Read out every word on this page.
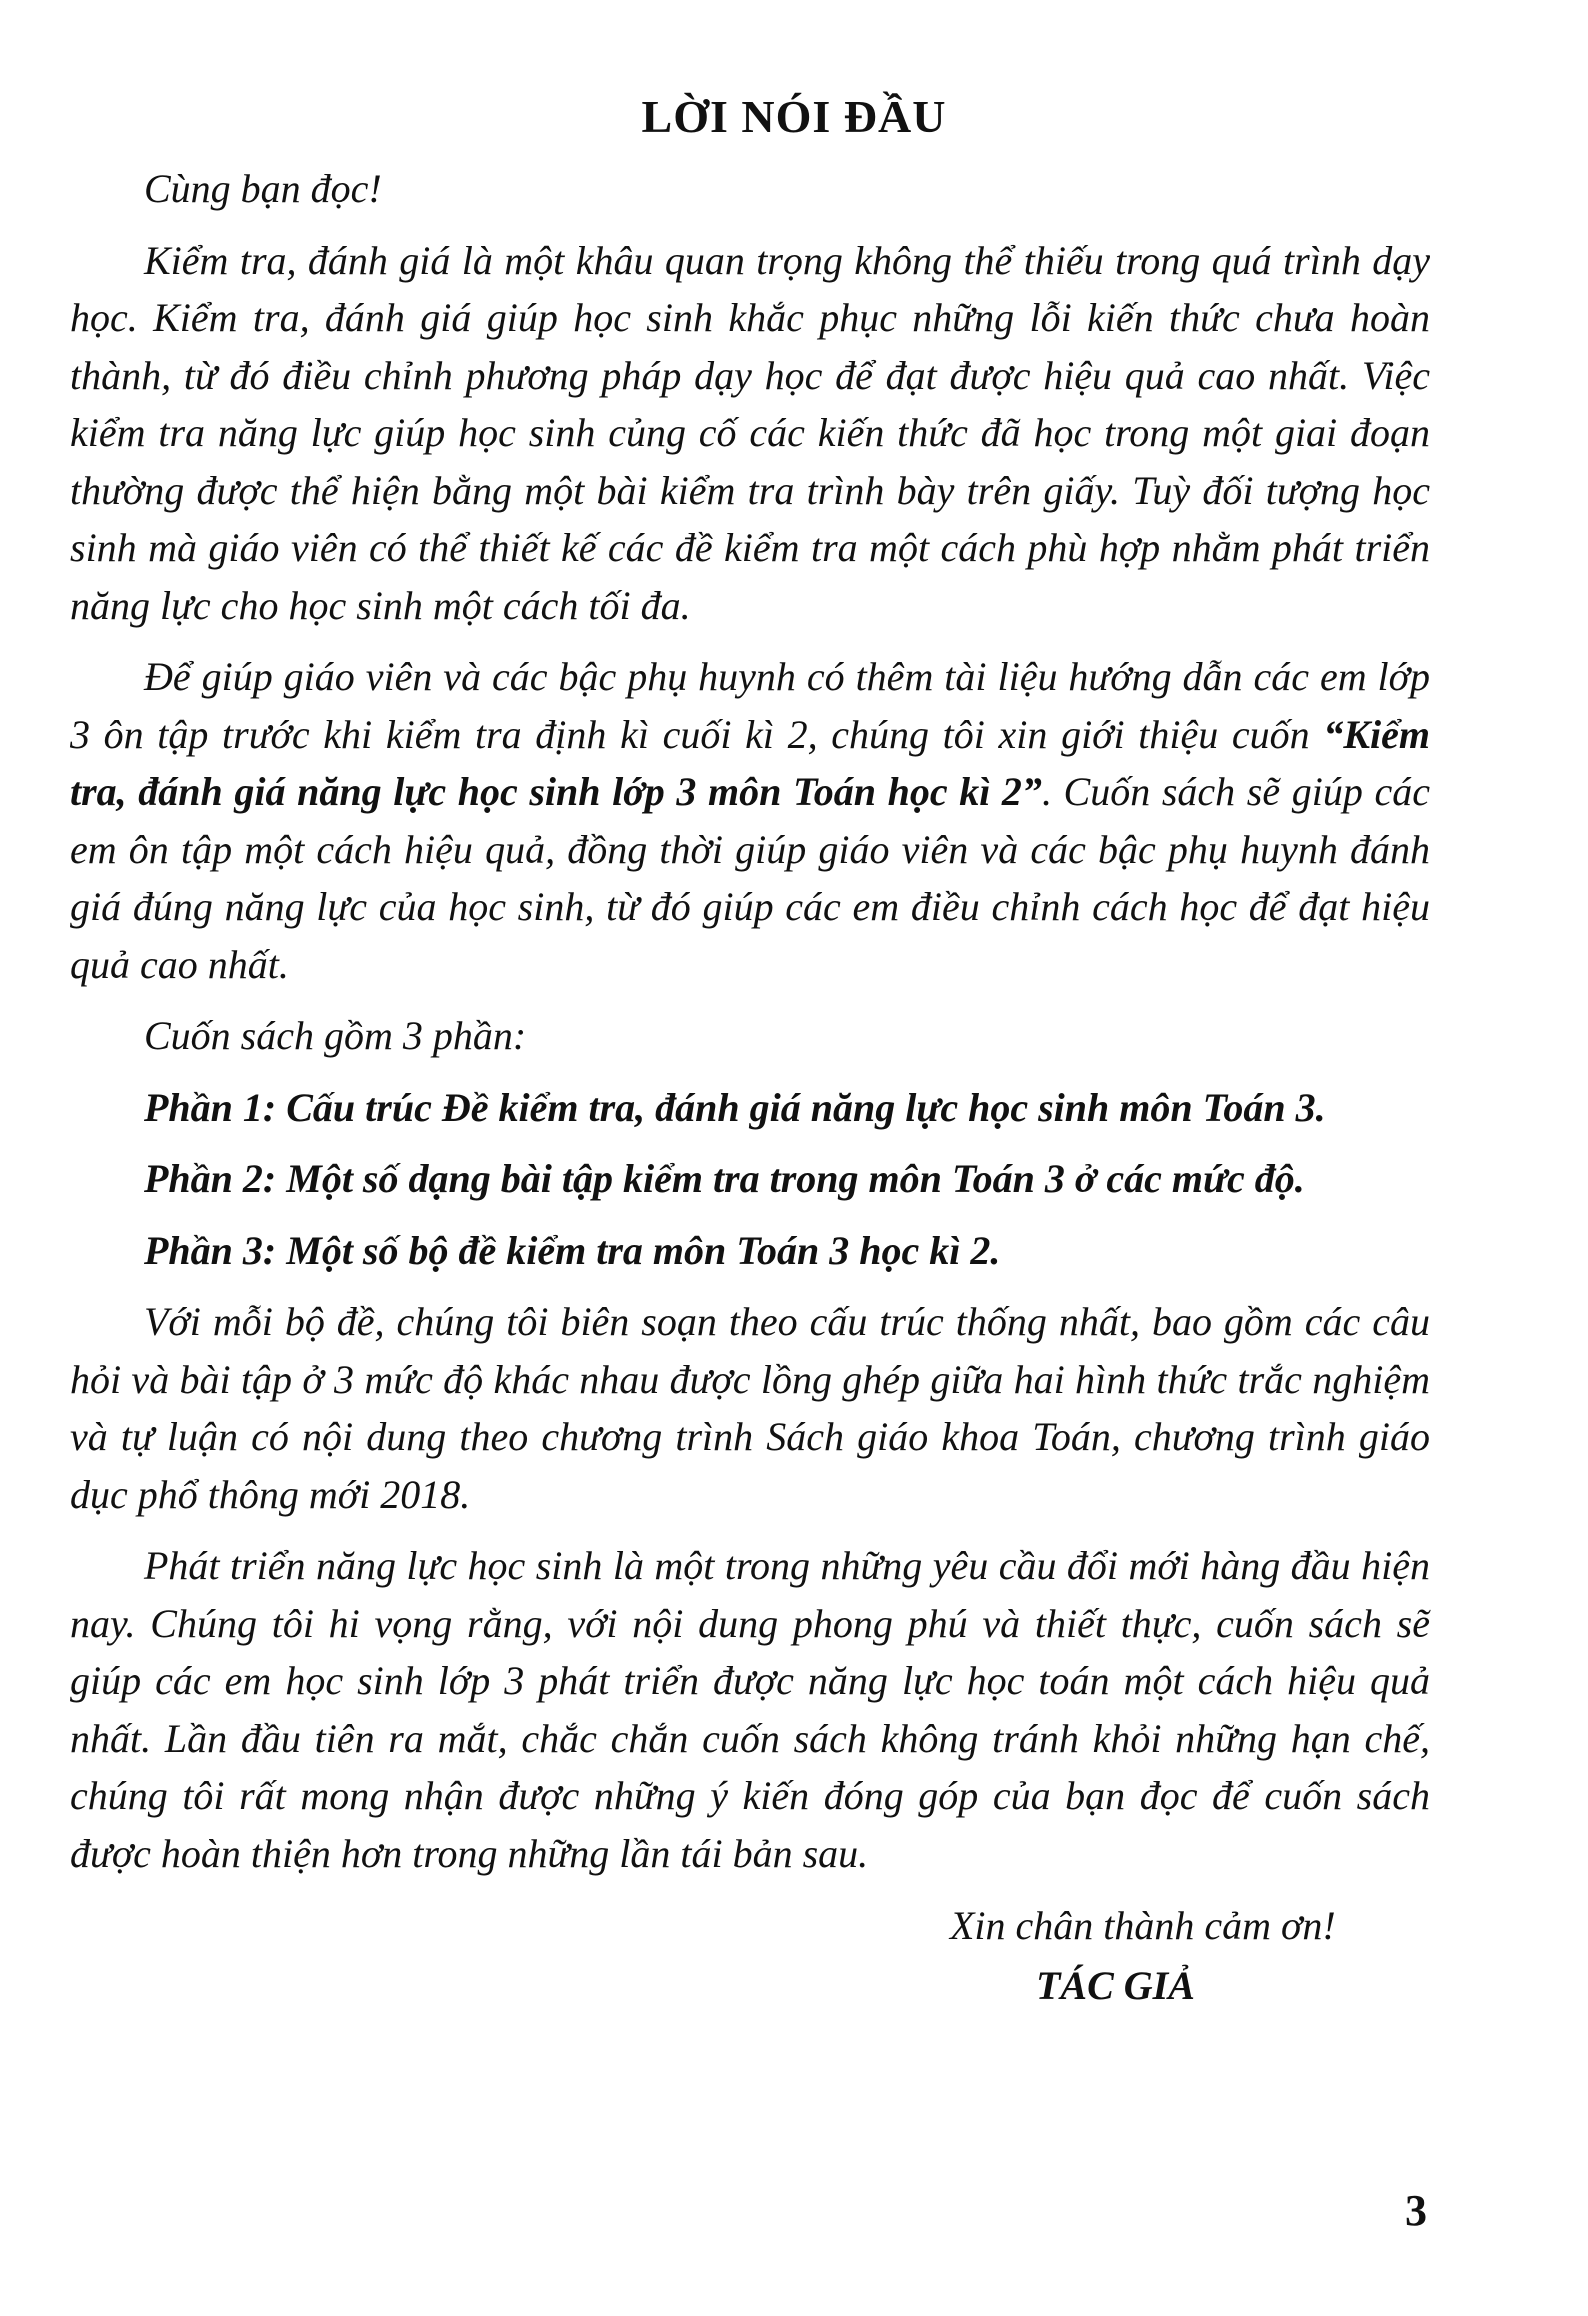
LỜI NÓI ĐẦU

Cùng bạn đọc!

Kiểm tra, đánh giá là một khâu quan trọng không thể thiếu trong quá trình dạy học. Kiểm tra, đánh giá giúp học sinh khắc phục những lỗi kiến thức chưa hoàn thành, từ đó điều chỉnh phương pháp dạy học để đạt được hiệu quả cao nhất. Việc kiểm tra năng lực giúp học sinh củng cố các kiến thức đã học trong một giai đoạn thường được thể hiện bằng một bài kiểm tra trình bày trên giấy. Tuỳ đối tượng học sinh mà giáo viên có thể thiết kế các đề kiểm tra một cách phù hợp nhằm phát triển năng lực cho học sinh một cách tối đa.

Để giúp giáo viên và các bậc phụ huynh có thêm tài liệu hướng dẫn các em lớp 3 ôn tập trước khi kiểm tra định kì cuối kì 2, chúng tôi xin giới thiệu cuốn “Kiểm tra, đánh giá năng lực học sinh lớp 3 môn Toán học kì 2”. Cuốn sách sẽ giúp các em ôn tập một cách hiệu quả, đồng thời giúp giáo viên và các bậc phụ huynh đánh giá đúng năng lực của học sinh, từ đó giúp các em điều chỉnh cách học để đạt hiệu quả cao nhất.

Cuốn sách gồm 3 phần:

Phần 1: Cấu trúc Đề kiểm tra, đánh giá năng lực học sinh môn Toán 3.

Phần 2: Một số dạng bài tập kiểm tra trong môn Toán 3 ở các mức độ.

Phần 3: Một số bộ đề kiểm tra môn Toán 3 học kì 2.

Với mỗi bộ đề, chúng tôi biên soạn theo cấu trúc thống nhất, bao gồm các câu hỏi và bài tập ở 3 mức độ khác nhau được lồng ghép giữa hai hình thức trắc nghiệm và tự luận có nội dung theo chương trình Sách giáo khoa Toán, chương trình giáo dục phổ thông mới 2018.

Phát triển năng lực học sinh là một trong những yêu cầu đổi mới hàng đầu hiện nay. Chúng tôi hi vọng rằng, với nội dung phong phú và thiết thực, cuốn sách sẽ giúp các em học sinh lớp 3 phát triển được năng lực học toán một cách hiệu quả nhất. Lần đầu tiên ra mắt, chắc chắn cuốn sách không tránh khỏi những hạn chế, chúng tôi rất mong nhận được những ý kiến đóng góp của bạn đọc để cuốn sách được hoàn thiện hơn trong những lần tái bản sau.

Xin chân thành cảm ơn!
TÁC GIẢ
3
